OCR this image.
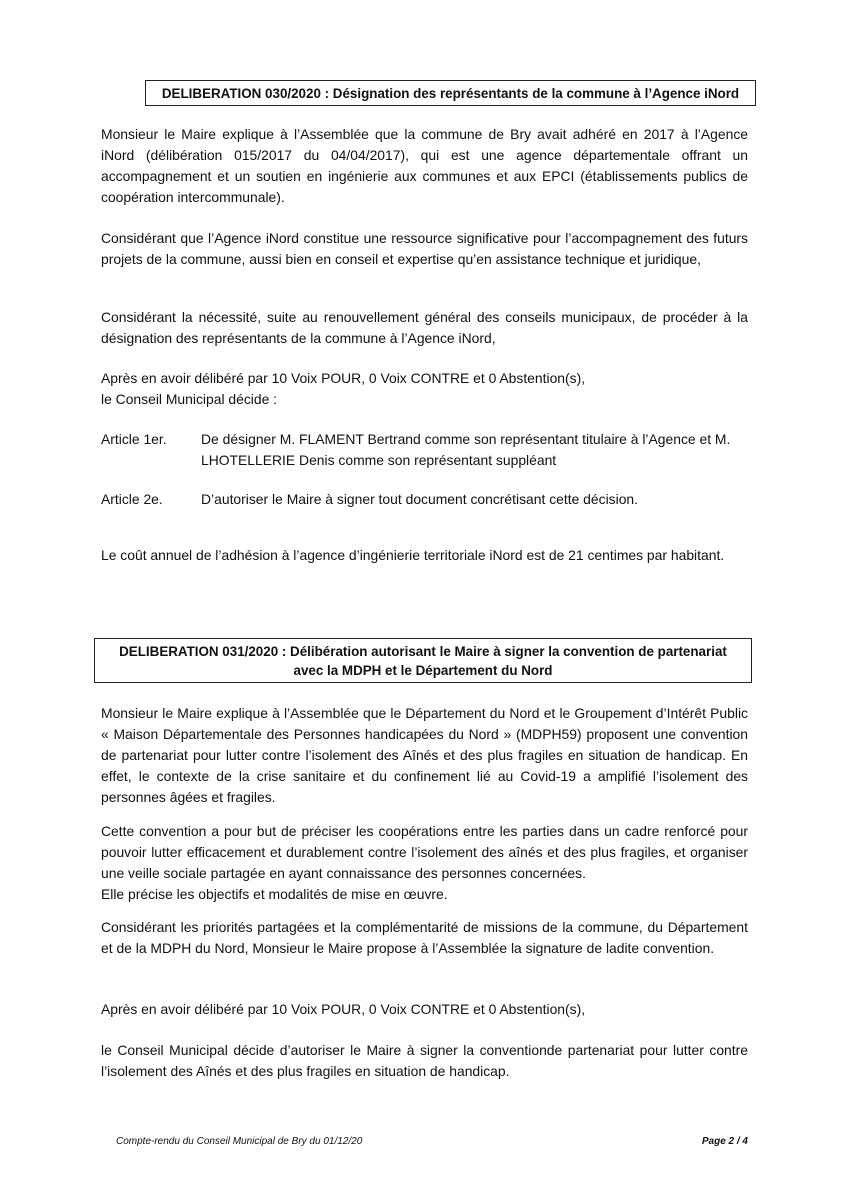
DELIBERATION 030/2020 : Désignation des représentants de la commune à l’Agence iNord

Monsieur le Maire explique à l’Assemblée que la commune de Bry avait adhéré en 2017 à l’Agence iNord (délibération 015/2017 du 04/04/2017), qui est une agence départementale offrant un accompagnement et un soutien en ingénierie aux communes et aux EPCI (établissements publics de coopération intercommunale).

Considérant que l’Agence iNord constitue une ressource significative pour l’accompagnement des futurs projets de la commune, aussi bien en conseil et expertise qu’en assistance technique et juridique,

Considérant la nécessité, suite au renouvellement général des conseils municipaux, de procéder à la désignation des représentants de la commune à l’Agence iNord,

Après en avoir délibéré par 10 Voix POUR, 0 Voix CONTRE et 0 Abstention(s),
le Conseil Municipal décide :
Article 1er. De désigner M. FLAMENT Bertrand comme son représentant titulaire à l’Agence et M. LHOTELLERIE Denis comme son représentant suppléant
Article 2e.	D’autoriser le Maire à signer tout document concrétisant cette décision.

Le coût annuel de l’adhésion à l’agence d’ingénierie territoriale iNord est de 21 centimes par habitant.

DELIBERATION 031/2020 : Délibération autorisant le Maire à signer la convention de partenariat
avec la MDPH et le Département du Nord

Monsieur le Maire explique à l’Assemblée que le Département du Nord et le Groupement d’Intérêt Public « Maison Départementale des Personnes handicapées du Nord » (MDPH59) proposent une convention de partenariat pour lutter contre l’isolement des Aînés et des plus fragiles en situation de handicap. En effet, le contexte de la crise sanitaire et du confinement lié au Covid-19 a amplifié l’isolement des personnes âgées et fragiles.

Cette convention a pour but de préciser les coopérations entre les parties dans un cadre renforcé pour pouvoir lutter efficacement et durablement contre l’isolement des aînés et des plus fragiles, et organiser une veille sociale partagée en ayant connaissance des personnes concernées.
Elle précise les objectifs et modalités de mise en œuvre.

Considérant les priorités partagées et la complémentarité de missions de la commune, du Département et de la MDPH du Nord, Monsieur le Maire propose à l’Assemblée la signature de ladite convention.

Après en avoir délibéré par 10 Voix POUR, 0 Voix CONTRE et 0 Abstention(s),

le Conseil Municipal décide d’autoriser le Maire à signer la conventionde partenariat pour lutter contre l’isolement des Aînés et des plus fragiles en situation de handicap.

Compte-rendu du Conseil Municipal de Bry du 01/12/20	Page 2 / 4
